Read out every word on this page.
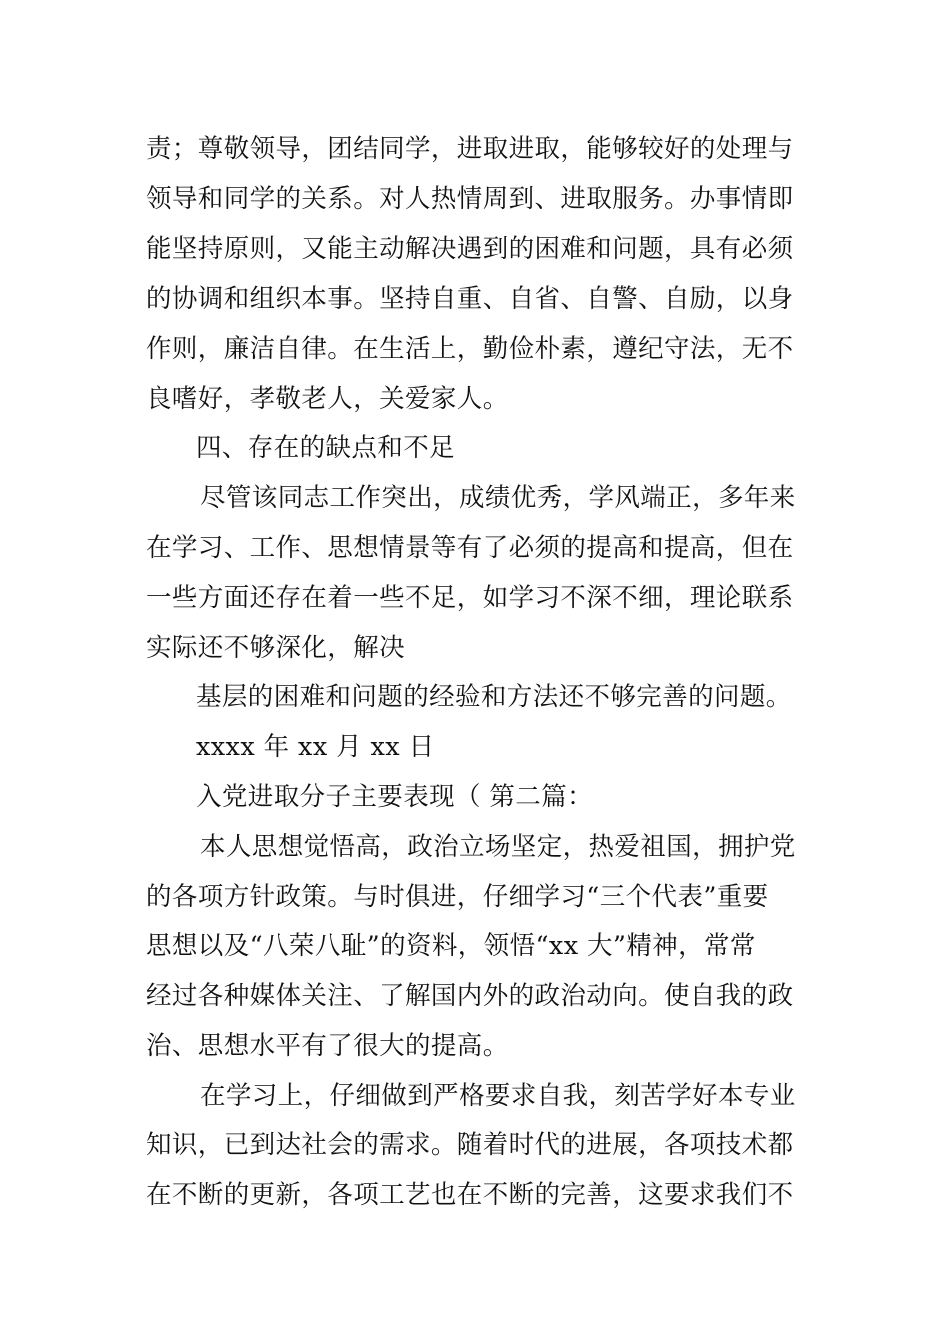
责；尊敬领导，团结同学，进取进取，能够较好的处理与
领导和同学的关系。对人热情周到、进取服务。办事情即
能坚持原则，又能主动解决遇到的困难和问题，具有必须
的协调和组织本事。坚持自重、自省、自警、自励，以身
作则，廉洁自律。在生活上，勤俭朴素，遵纪守法，无不
良嗜好，孝敬老人，关爱家人。
四、存在的缺点和不足
尽管该同志工作突出，成绩优秀，学风端正，多年来
在学习、工作、思想情景等有了必须的提高和提高，但在
一些方面还存在着一些不足，如学习不深不细，理论联系
实际还不够深化，解决
基层的困难和问题的经验和方法还不够完善的问题。
xxxx 年 xx 月 xx 日
入党进取分子主要表现（ 第二篇：
本人思想觉悟高，政治立场坚定，热爱祖国，拥护党
的各项方针政策。与时俱进，仔细学习“三个代表”重要
思想以及“八荣八耻”的资料，领悟“xx 大”精神，常常
经过各种媒体关注、了解国内外的政治动向。使自我的政
治、思想水平有了很大的提高。
在学习上，仔细做到严格要求自我，刻苦学好本专业
知识，已到达社会的需求。随着时代的进展，各项技术都
在不断的更新，各项工艺也在不断的完善，这要求我们不
